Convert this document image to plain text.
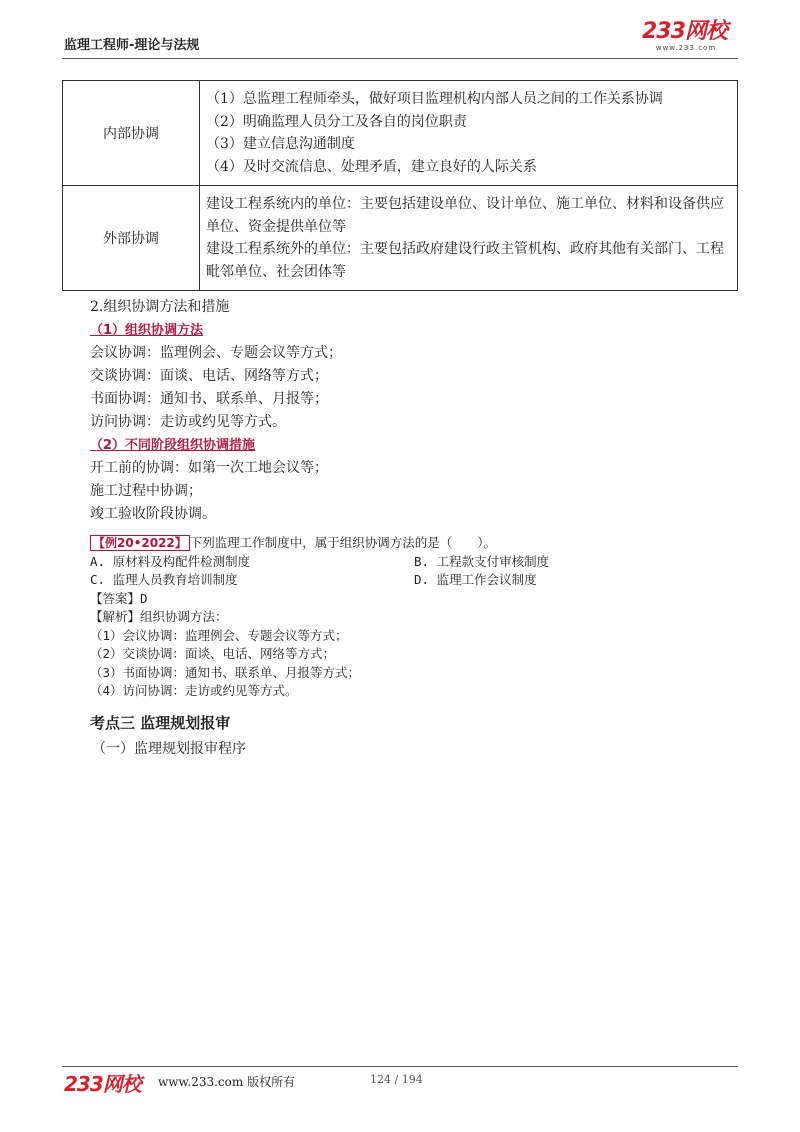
监理工程师-理论与法规
233网校
www.233.com
内部协调	（1）总监理工程师牵头，做好项目监理机构内部人员之间的工作关系协调
（2）明确监理人员分工及各自的岗位职责
（3）建立信息沟通制度
（4）及时交流信息、处理矛盾，建立良好的人际关系

外部协调	建设工程系统内的单位：主要包括建设单位、设计单位、施工单位、材料和设备供应单位、资金提供单位等
建设工程系统外的单位：主要包括政府建设行政主管机构、政府其他有关部门、工程毗邻单位、社会团体等
2.组织协调方法和措施
（1）组织协调方法
会议协调：监理例会、专题会议等方式；
交谈协调：面谈、电话、网络等方式；
书面协调：通知书、联系单、月报等；
访问协调：走访或约见等方式。
（2）不同阶段组织协调措施
开工前的协调：如第一次工地会议等；
施工过程中协调；
竣工验收阶段协调。
【例20•2022】 下列监理工作制度中，属于组织协调方法的是（　　）。
A. 原材料及构配件检测制度	B. 工程款支付审核制度
C. 监理人员教育培训制度	D. 监理工作会议制度
【答案】D
【解析】组织协调方法：
（1）会议协调：监理例会、专题会议等方式；
（2）交谈协调：面谈、电话、网络等方式；
（3）书面协调：通知书、联系单、月报等方式；
（4）访问协调：走访或约见等方式。
考点三 监理规划报审
（一）监理规划报审程序
233网校 www.233.com 版权所有	124 / 194
